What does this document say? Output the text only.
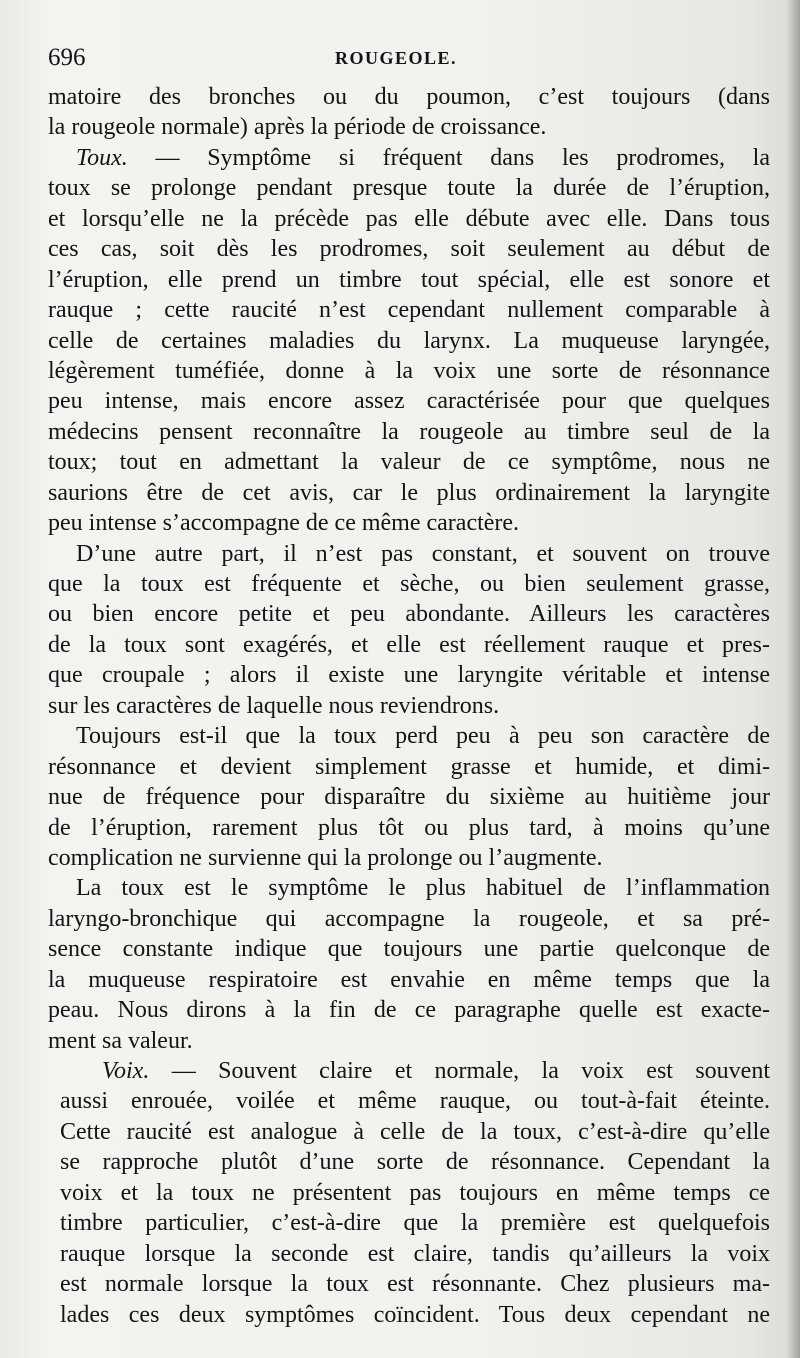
696	ROUGEOLE.
matoire des bronches ou du poumon, c’est toujours (dans
la rougeole normale) après la période de croissance.
Toux. — Symptôme si fréquent dans les prodromes, la
toux se prolonge pendant presque toute la durée de l’éruption,
et lorsqu’elle ne la précède pas elle débute avec elle. Dans tous
ces cas, soit dès les prodromes, soit seulement au début de
l’éruption, elle prend un timbre tout spécial, elle est sonore et
rauque ; cette raucité n’est cependant nullement comparable à
celle de certaines maladies du larynx. La muqueuse laryngée,
légèrement tuméfiée, donne à la voix une sorte de résonnance
peu intense, mais encore assez caractérisée pour que quelques
médecins pensent reconnaître la rougeole au timbre seul de la
toux; tout en admettant la valeur de ce symptôme, nous ne
saurions être de cet avis, car le plus ordinairement la laryngite
peu intense s’accompagne de ce même caractère.
D’une autre part, il n’est pas constant, et souvent on trouve
que la toux est fréquente et sèche, ou bien seulement grasse,
ou bien encore petite et peu abondante. Ailleurs les caractères
de la toux sont exagérés, et elle est réellement rauque et pres-
que croupale ; alors il existe une laryngite véritable et intense
sur les caractères de laquelle nous reviendrons.
Toujours est-il que la toux perd peu à peu son caractère de
résonnance et devient simplement grasse et humide, et dimi-
nue de fréquence pour disparaître du sixième au huitième jour
de l’éruption, rarement plus tôt ou plus tard, à moins qu’une
complication ne survienne qui la prolonge ou l’augmente.
La toux est le symptôme le plus habituel de l’inflammation
laryngo-bronchique qui accompagne la rougeole, et sa pré-
sence constante indique que toujours une partie quelconque de
la muqueuse respiratoire est envahie en même temps que la
peau. Nous dirons à la fin de ce paragraphe quelle est exacte-
ment sa valeur.
Voix. — Souvent claire et normale, la voix est souvent
aussi enrouée, voilée et même rauque, ou tout-à-fait éteinte.
Cette raucité est analogue à celle de la toux, c’est-à-dire qu’elle
se rapproche plutôt d’une sorte de résonnance. Cependant la
voix et la toux ne présentent pas toujours en même temps ce
timbre particulier, c’est-à-dire que la première est quelquefois
rauque lorsque la seconde est claire, tandis qu’ailleurs la voix
est normale lorsque la toux est résonnante. Chez plusieurs ma-
lades ces deux symptômes coïncident. Tous deux cependant ne
